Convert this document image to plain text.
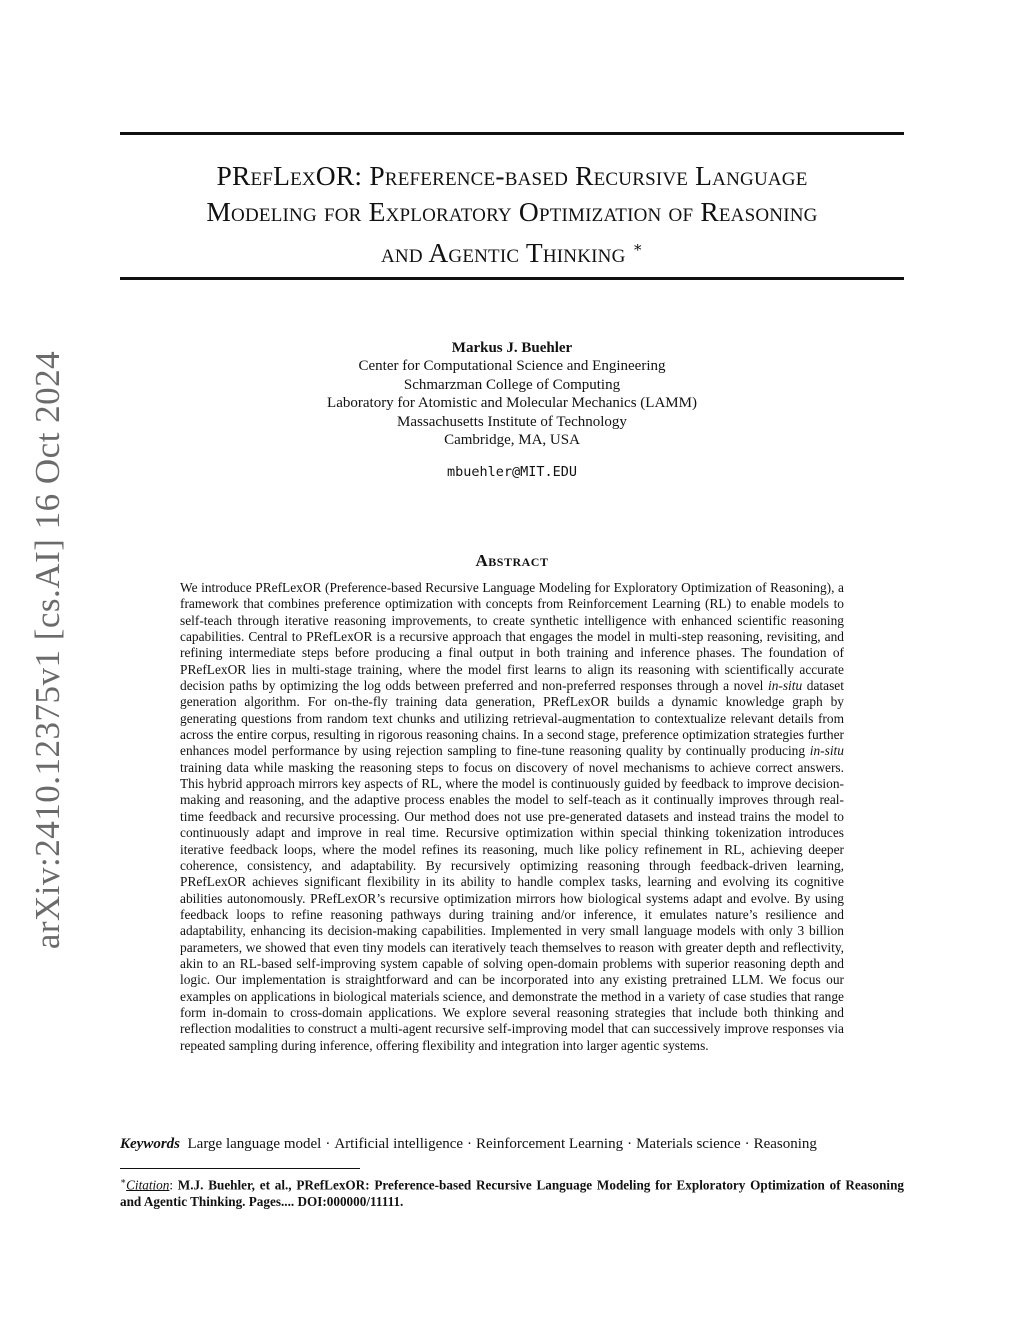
arXiv:2410.12375v1 [cs.AI] 16 Oct 2024
PRefLexOR: Preference-based Recursive Language
Modeling for Exploratory Optimization of Reasoning
and Agentic Thinking ∗
Markus J. Buehler
Center for Computational Science and Engineering
Schmarzman College of Computing
Laboratory for Atomistic and Molecular Mechanics (LAMM)
Massachusetts Institute of Technology
Cambridge, MA, USA
mbuehler@MIT.EDU
Abstract

We introduce PRefLexOR (Preference-based Recursive Language Modeling for Exploratory Optimization of Reasoning), a framework that combines preference optimization with concepts from Reinforcement Learning (RL) to enable models to self-teach through iterative reasoning improvements, to create synthetic intelligence with enhanced scientific reasoning capabilities. Central to PRefLexOR is a recursive approach that engages the model in multi-step reasoning, revisiting, and refining intermediate steps before producing a final output in both training and inference phases. The foundation of PRefLexOR lies in multi-stage training, where the model first learns to align its reasoning with scientifically accurate decision paths by optimizing the log odds between preferred and non-preferred responses through a novel in-situ dataset generation algorithm. For on-the-fly training data generation, PRefLexOR builds a dynamic knowledge graph by generating questions from random text chunks and utilizing retrieval-augmentation to contextualize relevant details from across the entire corpus, resulting in rigorous reasoning chains. In a second stage, preference optimization strategies further enhances model performance by using rejection sampling to fine-tune reasoning quality by continually producing in-situ training data while masking the reasoning steps to focus on discovery of novel mechanisms to achieve correct answers. This hybrid approach mirrors key aspects of RL, where the model is continuously guided by feedback to improve decision-making and reasoning, and the adaptive process enables the model to self-teach as it continually improves through real-time feedback and recursive processing. Our method does not use pre-generated datasets and instead trains the model to continuously adapt and improve in real time. Recursive optimization within special thinking tokenization introduces iterative feedback loops, where the model refines its reasoning, much like policy refinement in RL, achieving deeper coherence, consistency, and adaptability. By recursively optimizing reasoning through feedback-driven learning, PRefLexOR achieves significant flexibility in its ability to handle complex tasks, learning and evolving its cognitive abilities autonomously. PRefLexOR’s recursive optimization mirrors how biological systems adapt and evolve. By using feedback loops to refine reasoning pathways during training and/or inference, it emulates nature’s resilience and adaptability, enhancing its decision-making capabilities. Implemented in very small language models with only 3 billion parameters, we showed that even tiny models can iteratively teach themselves to reason with greater depth and reflectivity, akin to an RL-based self-improving system capable of solving open-domain problems with superior reasoning depth and logic. Our implementation is straightforward and can be incorporated into any existing pretrained LLM. We focus our examples on applications in biological materials science, and demonstrate the method in a variety of case studies that range form in-domain to cross-domain applications. We explore several reasoning strategies that include both thinking and reflection modalities to construct a multi-agent recursive self-improving model that can successively improve responses via repeated sampling during inference, offering flexibility and integration into larger agentic systems.

Keywords Large language model · Artificial intelligence · Reinforcement Learning · Materials science · Reasoning
∗Citation: M.J. Buehler, et al., PRefLexOR: Preference-based Recursive Language Modeling for Exploratory Optimization of Reasoning and Agentic Thinking. Pages.... DOI:000000/11111.
